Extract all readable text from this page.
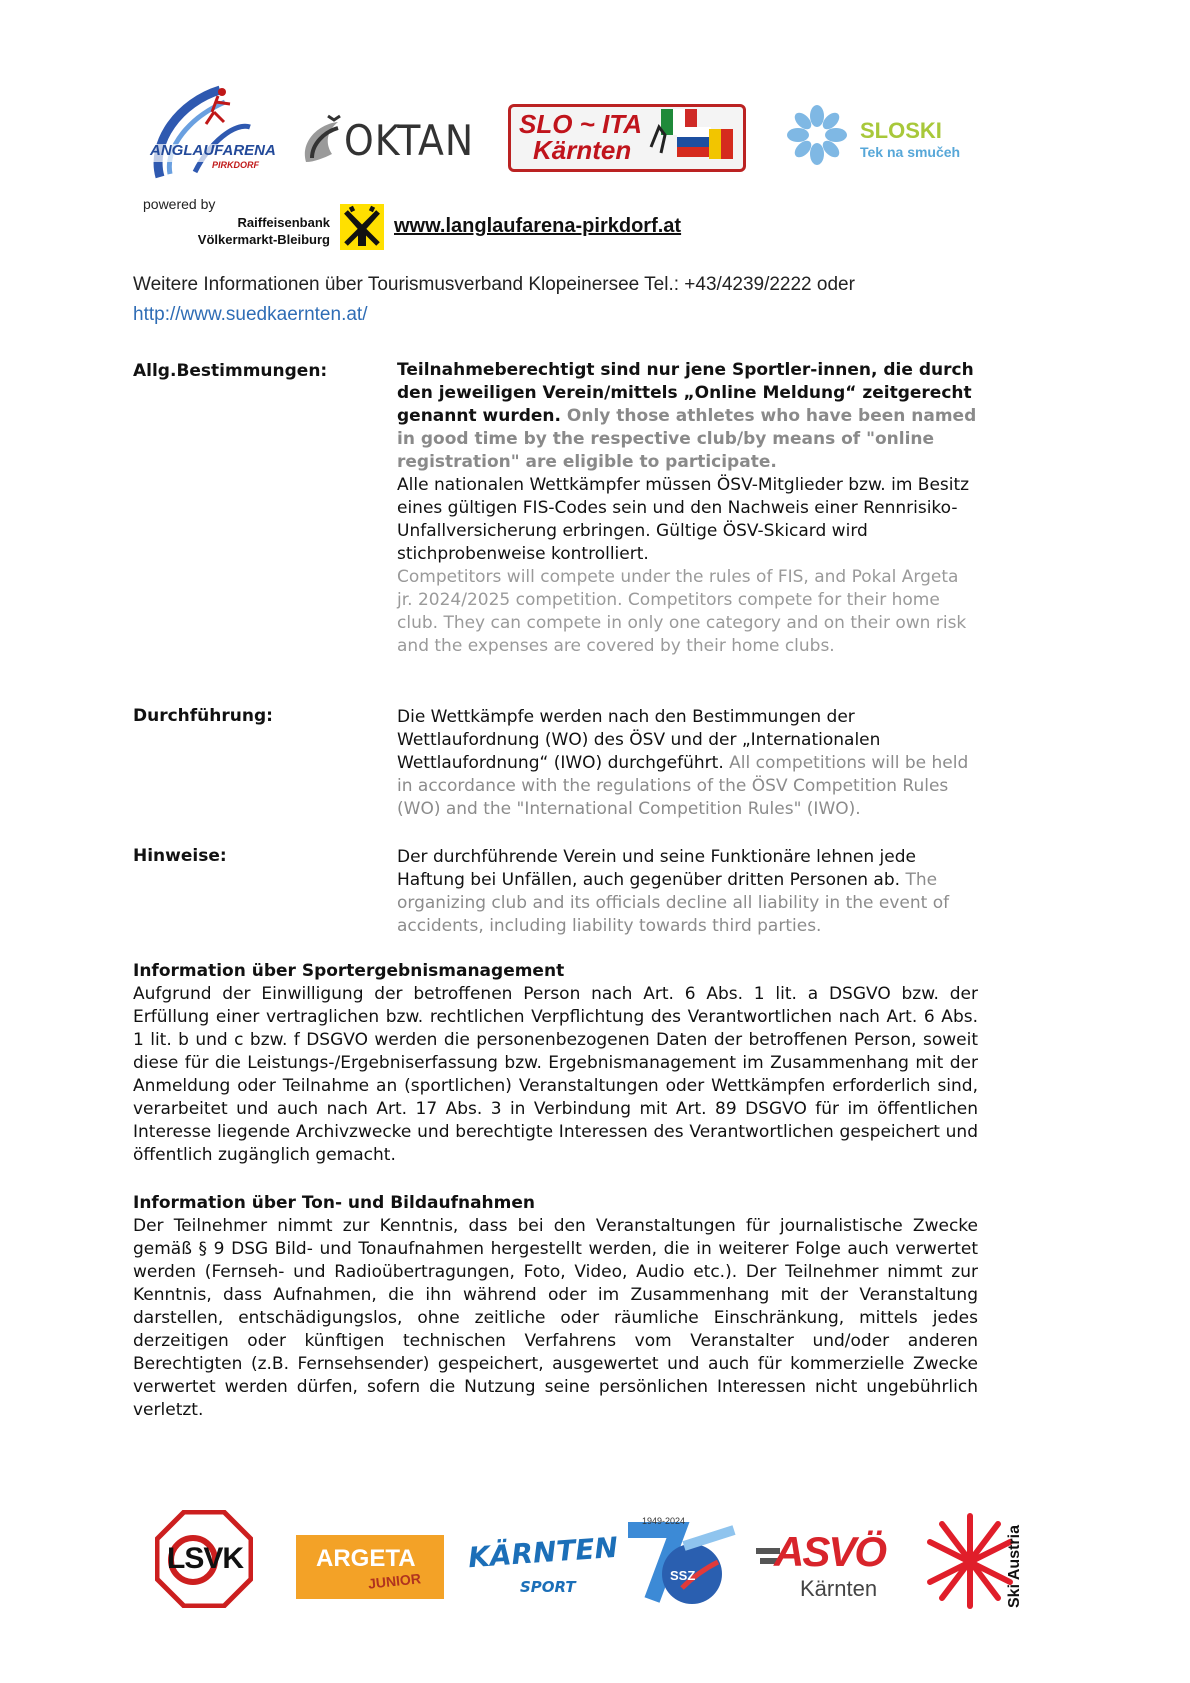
ANGLAUFARENA
PIRKDORF OKTAN SLO ~ ITA
Kärnten
SLOSKI
Tek na smučeh
powered by
Raiffeisenbank
Völkermarkt-Bleiburg
www.langlaufarena-pirkdorf.at
Weitere Informationen über Tourismusverband Klopeinersee Tel.: +43/4239/2222 oder
http://www.suedkaernten.at/
Allg.Bestimmungen:	Teilnahmeberechtigt sind nur jene Sportler-innen, die durch den jeweiligen Verein/mittels „Online Meldung“ zeitgerecht genannt wurden. Only those athletes who have been named in good time by the respective club/by means of "online registration" are eligible to participate.
Alle nationalen Wettkämpfer müssen ÖSV-Mitglieder bzw. im Besitz eines gültigen FIS-Codes sein und den Nachweis einer Rennrisiko-Unfallversicherung erbringen. Gültige ÖSV-Skicard wird stichprobenweise kontrolliert.
Competitors will compete under the rules of FIS, and Pokal Argeta jr. 2024/2025 competition. Competitors compete for their home club. They can compete in only one category and on their own risk and the expenses are covered by their home clubs.
Durchführung:	Die Wettkämpfe werden nach den Bestimmungen der Wettlaufordnung (WO) des ÖSV und der „Internationalen Wettlaufordnung“ (IWO) durchgeführt. All competitions will be held in accordance with the regulations of the ÖSV Competition Rules (WO) and the "International Competition Rules" (IWO).
Hinweise:	Der durchführende Verein und seine Funktionäre lehnen jede Haftung bei Unfällen, auch gegenüber dritten Personen ab. The organizing club and its officials decline all liability in the event of accidents, including liability towards third parties.
Information über Sportergebnismanagement
Aufgrund der Einwilligung der betroffenen Person nach Art. 6 Abs. 1 lit. a DSGVO bzw. der Erfüllung einer vertraglichen bzw. rechtlichen Verpflichtung des Verantwortlichen nach Art. 6 Abs. 1 lit. b und c bzw. f DSGVO werden die personenbezogenen Daten der betroffenen Person, soweit diese für die Leistungs-/Ergebniserfassung bzw. Ergebnismanagement im Zusammenhang mit der Anmeldung oder Teilnahme an (sportlichen) Veranstaltungen oder Wettkämpfen erforderlich sind, verarbeitet und auch nach Art. 17 Abs. 3 in Verbindung mit Art. 89 DSGVO für im öffentlichen Interesse liegende Archivzwecke und berechtigte Interessen des Verantwortlichen gespeichert und öffentlich zugänglich gemacht.
Information über Ton- und Bildaufnahmen
Der Teilnehmer nimmt zur Kenntnis, dass bei den Veranstaltungen für journalistische Zwecke gemäß § 9 DSG Bild- und Tonaufnahmen hergestellt werden, die in weiterer Folge auch verwertet werden (Fernseh- und Radioübertragungen, Foto, Video, Audio etc.). Der Teilnehmer nimmt zur Kenntnis, dass Aufnahmen, die ihn während oder im Zusammenhang mit der Veranstaltung darstellen, entschädigungslos, ohne zeitliche oder räumliche Einschränkung, mittels jedes derzeitigen oder künftigen technischen Verfahrens vom Veranstalter und/oder anderen Berechtigten (z.B. Fernsehsender) gespeichert, ausgewertet und auch für kommerzielle Zwecke verwertet werden dürfen, sofern die Nutzung seine persönlichen Interessen nicht ungebührlich verletzt.
LSVK	ARGETA
JUNIOR
KÄRNTEN
SPORT
1949-2024
SSZ
ASVÖ
Kärnten	Ski Austria
